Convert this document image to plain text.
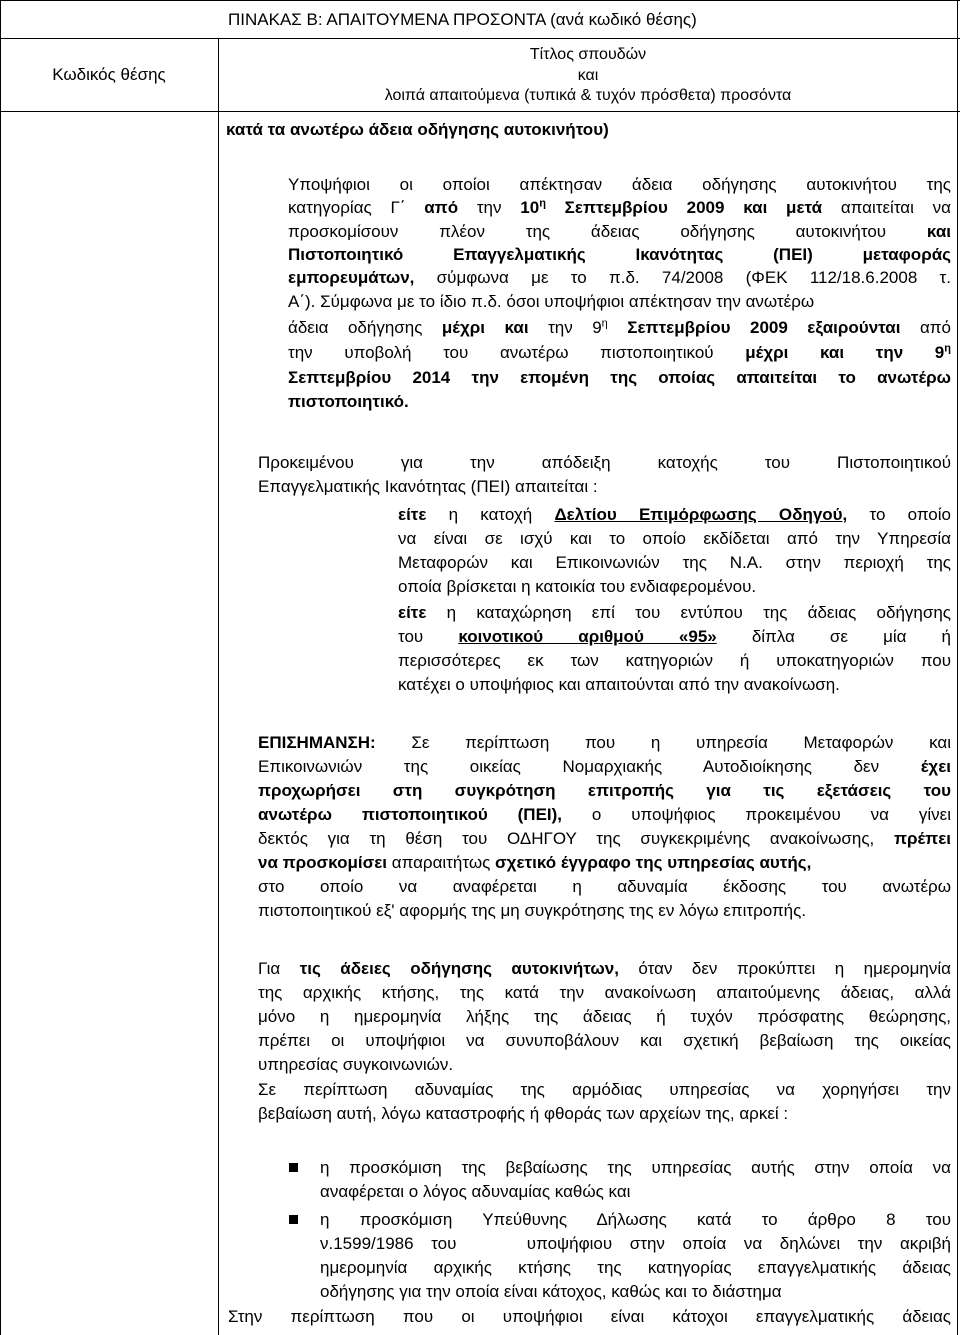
ΠΙΝΑΚΑΣ Β: ΑΠΑΙΤΟΥΜΕΝΑ ΠΡΟΣΟΝΤΑ (ανά κωδικό θέσης)
Κωδικός θέσης
Τίτλος σπουδών
και
λοιπά απαιτούμενα (τυπικά & τυχόν πρόσθετα) προσόντα
κατά τα ανωτέρω άδεια οδήγησης αυτοκινήτου)
Υποψήφιοι οι οποίοι απέκτησαν άδεια οδήγησης αυτοκινήτου της
κατηγορίας Γ΄ από την $10^\eta$ Σεπτεμβρίου 2009 και μετά απαιτείται να
προσκομίσουν πλέον της άδειας οδήγησης αυτοκινήτου και
Πιστοποιητικό Επαγγελματικής Ικανότητας (ΠΕΙ) μεταφοράς
εμπορευμάτων, σύμφωνα με το π.δ. 74/2008 (ΦΕΚ 112/18.6.2008 τ.
Α΄). Σύμφωνα με το ίδιο π.δ. όσοι υποψήφιοι απέκτησαν την ανωτέρω
άδεια οδήγησης μέχρι και την $9^\eta$ Σεπτεμβρίου 2009 εξαιρούνται από
την υποβολή του ανωτέρω πιστοποιητικού μέχρι και την $9^\eta$
Σεπτεμβρίου 2014 την επομένη της οποίας απαιτείται το ανωτέρω
πιστοποιητικό.
Προκειμένου για την απόδειξη κατοχής του Πιστοποιητικού
Επαγγελματικής Ικανότητας (ΠΕΙ) απαιτείται :
είτε η κατοχή Δελτίου Επιμόρφωσης Οδηγού, το οποίο
να είναι σε ισχύ και το οποίο εκδίδεται από την Υπηρεσία
Μεταφορών και Επικοινωνιών της Ν.Α. στην περιοχή της
οποία βρίσκεται η κατοικία του ενδιαφερομένου.
είτε η καταχώρηση επί του εντύπου της άδειας οδήγησης
του κοινοτικού αριθμού «95» δίπλα σε μία ή
περισσότερες εκ των κατηγοριών ή υποκατηγοριών που
κατέχει ο υποψήφιος και απαιτούνται από την ανακοίνωση.
ΕΠΙΣΗΜΑΝΣΗ: Σε περίπτωση που η υπηρεσία Μεταφορών και
Επικοινωνιών της οικείας Νομαρχιακής Αυτοδιοίκησης δεν έχει
προχωρήσει στη συγκρότηση επιτροπής για τις εξετάσεις του
ανωτέρω πιστοποιητικού (ΠΕΙ), ο υποψήφιος προκειμένου να γίνει
δεκτός για τη θέση του ΟΔΗΓΟΥ της συγκεκριμένης ανακοίνωσης, πρέπει
να προσκομίσει απαραιτήτως σχετικό έγγραφο της υπηρεσίας αυτής,
στο οποίο να αναφέρεται η αδυναμία έκδοσης του ανωτέρω
πιστοποιητικού εξ' αφορμής της μη συγκρότησης της εν λόγω επιτροπής.
Για τις άδειες οδήγησης αυτοκινήτων, όταν δεν προκύπτει η ημερομηνία
της αρχικής κτήσης, της κατά την ανακοίνωση απαιτούμενης άδειας, αλλά
μόνο η ημερομηνία λήξης της άδειας ή τυχόν πρόσφατης θεώρησης,
πρέπει οι υποψήφιοι να συνυποβάλουν και σχετική βεβαίωση της οικείας
υπηρεσίας συγκοινωνιών.
Σε περίπτωση αδυναμίας της αρμόδιας υπηρεσίας να χορηγήσει την
βεβαίωση αυτή, λόγω καταστροφής ή φθοράς των αρχείων της, αρκεί :
η προσκόμιση της βεβαίωσης της υπηρεσίας αυτής στην οποία να
αναφέρεται ο λόγος αδυναμίας καθώς και
η προσκόμιση Υπεύθυνης Δήλωσης κατά το άρθρο 8 του
ν.1599/1986 του	υποψήφιου στην οποία να δηλώνει την ακριβή
ημερομηνία αρχικής κτήσης της κατηγορίας επαγγελματικής άδειας
οδήγησης για την οποία είναι κάτοχος, καθώς και το διάστημα
Στην περίπτωση που οι υποψήφιοι είναι κάτοχοι επαγγελματικής άδειας
